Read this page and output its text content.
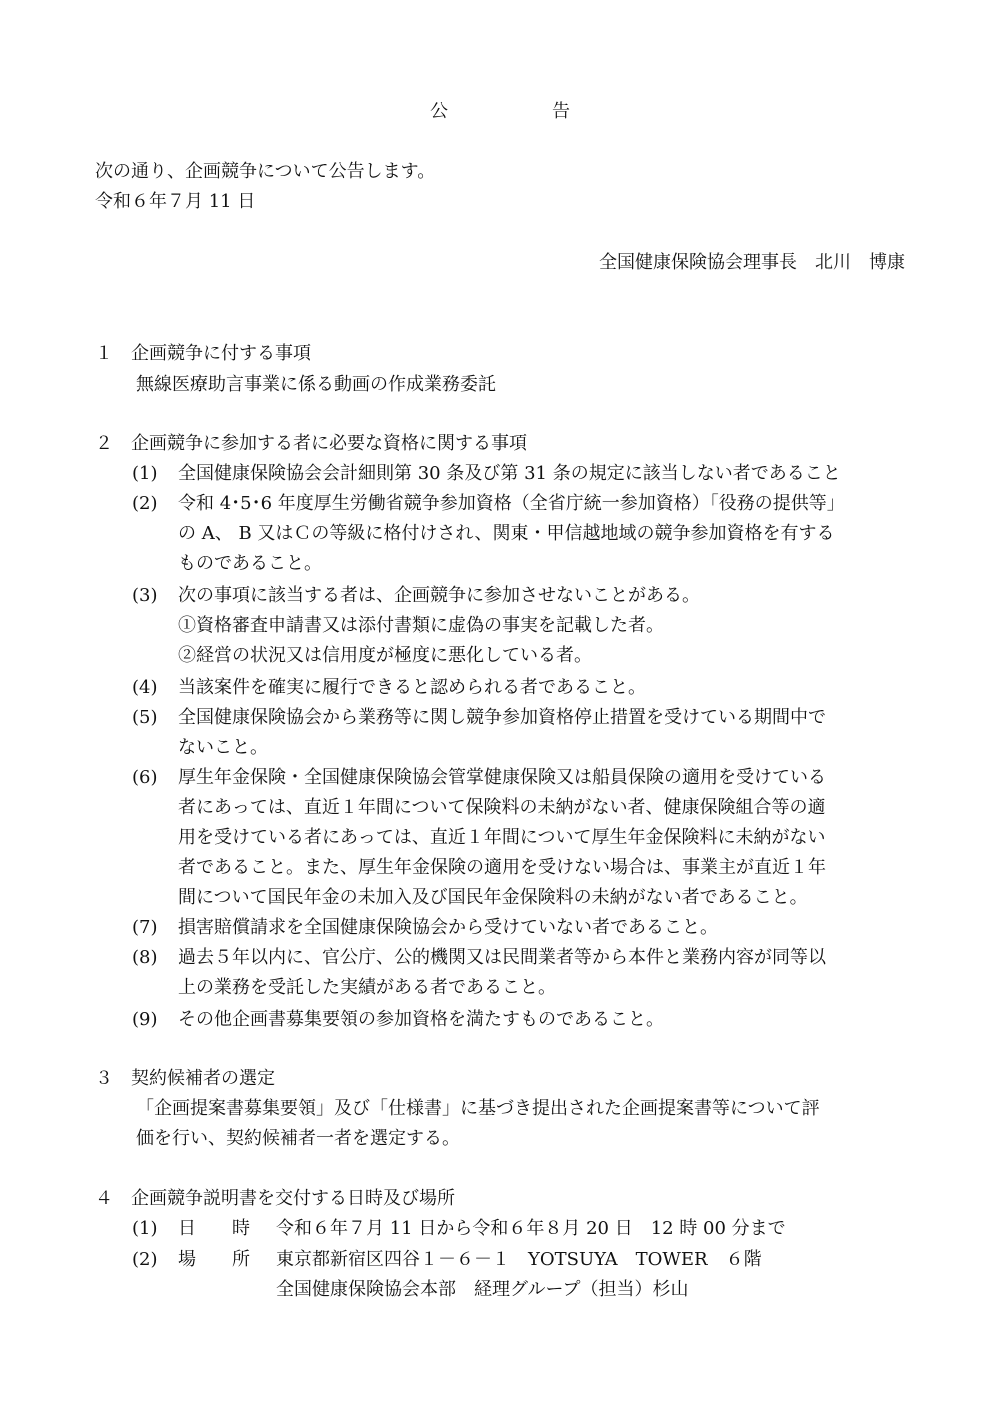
公	告
次の通り、企画競争について公告します。
令和６年７月 11 日
全国健康保険協会理事長　北川　博康
１　企画競争に付する事項
無線医療助言事業に係る動画の作成業務委託
２　企画競争に参加する者に必要な資格に関する事項
(1) 全国健康保険協会会計細則第 30 条及び第 31 条の規定に該当しない者であること
(2) 令和 4･5･6 年度厚生労働省競争参加資格（全省庁統一参加資格）「役務の提供等」
の A、 B 又はＣの等級に格付けされ、関東・甲信越地域の競争参加資格を有する
ものであること。
(3) 次の事項に該当する者は、企画競争に参加させないことがある。
①資格審査申請書又は添付書類に虚偽の事実を記載した者。
②経営の状況又は信用度が極度に悪化している者。
(4) 当該案件を確実に履行できると認められる者であること。
(5) 全国健康保険協会から業務等に関し競争参加資格停止措置を受けている期間中で
ないこと。
(6) 厚生年金保険・全国健康保険協会管掌健康保険又は船員保険の適用を受けている
者にあっては、直近１年間について保険料の未納がない者、健康保険組合等の適
用を受けている者にあっては、直近１年間について厚生年金保険料に未納がない
者であること。また、厚生年金保険の適用を受けない場合は、事業主が直近１年
間について国民年金の未加入及び国民年金保険料の未納がない者であること。
(7) 損害賠償請求を全国健康保険協会から受けていない者であること。
(8) 過去５年以内に、官公庁、公的機関又は民間業者等から本件と業務内容が同等以
上の業務を受託した実績がある者であること。
(9) その他企画書募集要領の参加資格を満たすものであること。
３　契約候補者の選定
「企画提案書募集要領」及び「仕様書」に基づき提出された企画提案書等について評
価を行い、契約候補者一者を選定する。
４　企画競争説明書を交付する日時及び場所
(1) 日　　時 令和６年７月 11 日から令和６年８月 20 日　12 時 00 分まで
(2) 場　　所 東京都新宿区四谷１－６－１　YOTSUYA　TOWER　６階
全国健康保険協会本部　経理グループ（担当）杉山
